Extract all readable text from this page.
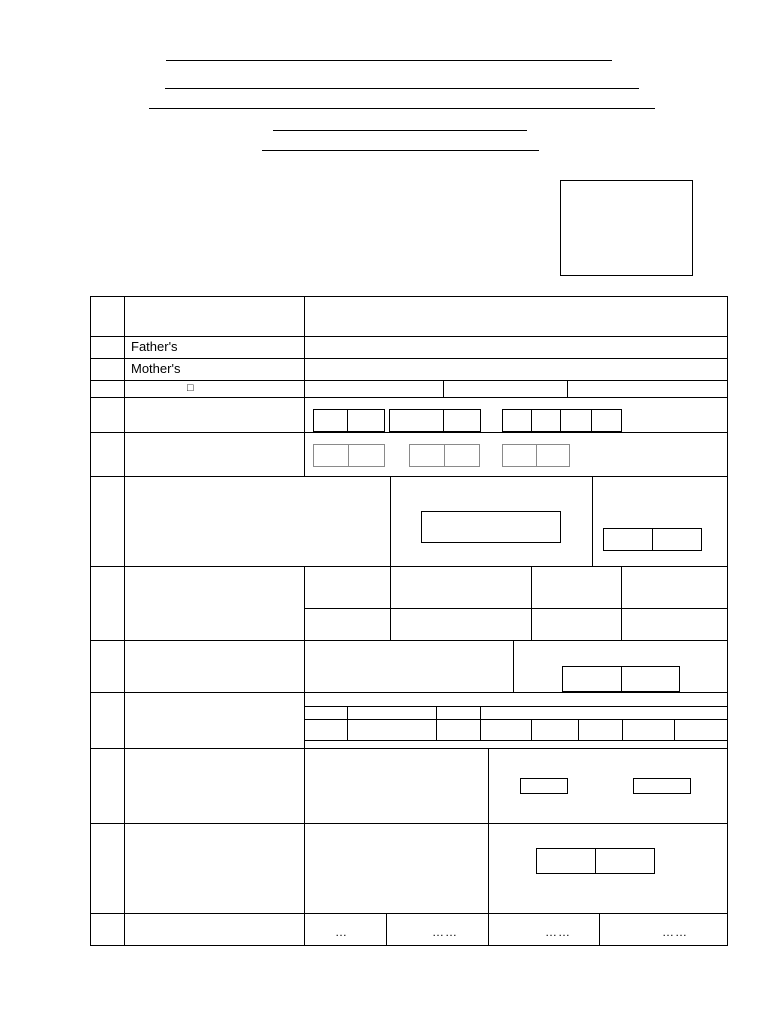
Father's
Mother's
□
…	……	……	……
